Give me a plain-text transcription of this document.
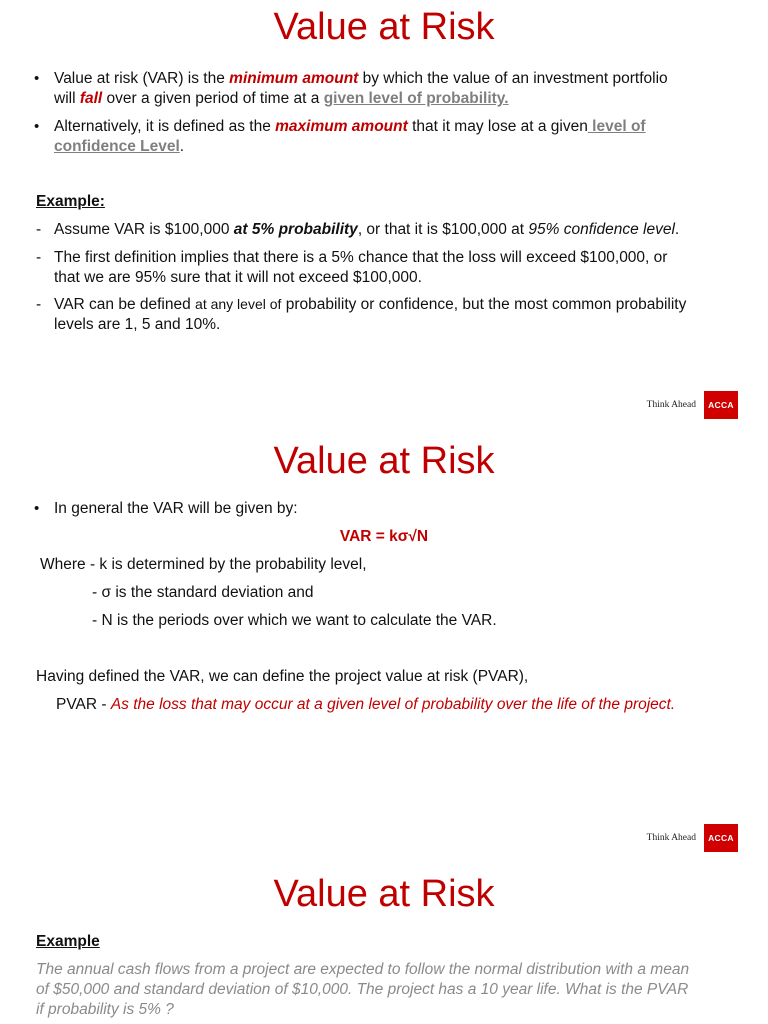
Value at Risk
• Value at risk (VAR) is the minimum amount by which the value of an investment portfolio

will fall over a given period of time at a given level of probability.

• Alternatively, it is defined as the maximum amount that it may lose at a given level of

confidence Level.

Example:

- Assume VAR is $100,000 at 5% probability, or that it is $100,000 at 95% confidence level.

- The first definition implies that there is a 5% chance that the loss will exceed $100,000, or

that we are 95% sure that it will not exceed $100,000.

- VAR can be defined at any level of probability or confidence, but the most common probability

levels are 1, 5 and 10%.

Think Ahead	ACCA
Value at Risk
• In general the VAR will be given by:

VAR = kσ√N

Where - k is determined by the probability level,

- σ is the standard deviation and

- N is the periods over which we want to calculate the VAR.

Having defined the VAR, we can define the project value at risk (PVAR),

PVAR - As the loss that may occur at a given level of probability over the life of the project.

Think Ahead	ACCA
Value at Risk

Example

The annual cash flows from a project are expected to follow the normal distribution with a mean

of $50,000 and standard deviation of $10,000. The project has a 10 year life. What is the PVAR

if probability is 5% ?
